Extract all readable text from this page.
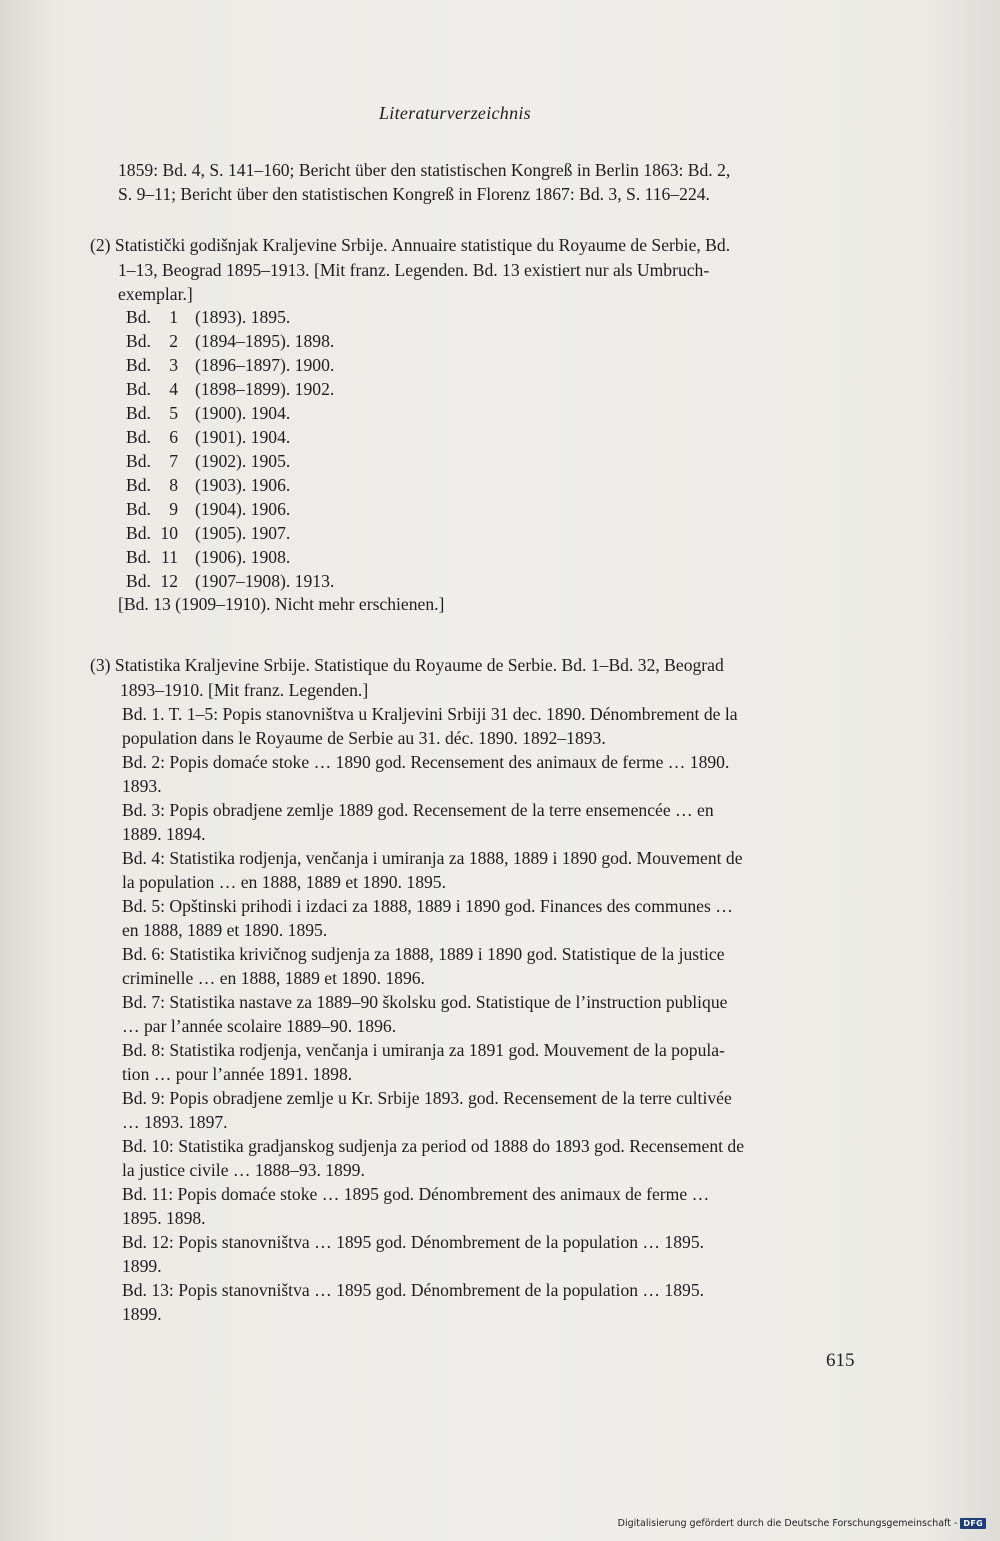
Literaturverzeichnis
1859: Bd. 4, S. 141–160; Bericht über den statistischen Kongreß in Berlin 1863: Bd. 2,
S. 9–11; Bericht über den statistischen Kongreß in Florenz 1867: Bd. 3, S. 116–224.
(2) Statistički godišnjak Kraljevine Srbije. Annuaire statistique du Royaume de Serbie, Bd.
1–13, Beograd 1895–1913. [Mit franz. Legenden. Bd. 13 existiert nur als Umbruch-
exemplar.]
Bd.	1 (1893). 1895.
Bd.	2 (1894–1895). 1898.
Bd.	3 (1896–1897). 1900.
Bd.	4 (1898–1899). 1902.
Bd.	5 (1900). 1904.
Bd.	6 (1901). 1904.
Bd.	7 (1902). 1905.
Bd.	8 (1903). 1906.
Bd.	9 (1904). 1906.
Bd. 10 (1905). 1907.
Bd. 11 (1906). 1908.
Bd. 12 (1907–1908). 1913.
[Bd. 13 (1909–1910). Nicht mehr erschienen.]
(3) Statistika Kraljevine Srbije. Statistique du Royaume de Serbie. Bd. 1–Bd. 32, Beograd
1893–1910. [Mit franz. Legenden.]
Bd. 1. T. 1–5: Popis stanovništva u Kraljevini Srbiji 31 dec. 1890. Dénombrement de la
population dans le Royaume de Serbie au 31. déc. 1890. 1892–1893.
Bd. 2: Popis domaće stoke … 1890 god. Recensement des animaux de ferme … 1890.
1893.
Bd. 3: Popis obradjene zemlje 1889 god. Recensement de la terre ensemencée … en
1889. 1894.
Bd. 4: Statistika rodjenja, venčanja i umiranja za 1888, 1889 i 1890 god. Mouvement de
la population … en 1888, 1889 et 1890. 1895.
Bd. 5: Opštinski prihodi i izdaci za 1888, 1889 i 1890 god. Finances des communes …
en 1888, 1889 et 1890. 1895.
Bd. 6: Statistika krivičnog sudjenja za 1888, 1889 i 1890 god. Statistique de la justice
criminelle … en 1888, 1889 et 1890. 1896.
Bd. 7: Statistika nastave za 1889–90 školsku god. Statistique de l’instruction publique
… par l’année scolaire 1889–90. 1896.
Bd. 8: Statistika rodjenja, venčanja i umiranja za 1891 god. Mouvement de la popula-
tion … pour l’année 1891. 1898.
Bd. 9: Popis obradjene zemlje u Kr. Srbije 1893. god. Recensement de la terre cultivée
… 1893. 1897.
Bd. 10: Statistika gradjanskog sudjenja za period od 1888 do 1893 god. Recensement de
la justice civile … 1888–93. 1899.
Bd. 11: Popis domaće stoke … 1895 god. Dénombrement des animaux de ferme …
1895. 1898.
Bd. 12: Popis stanovništva … 1895 god. Dénombrement de la population … 1895.
1899.
Bd. 13: Popis stanovništva … 1895 god. Dénombrement de la population … 1895.
1899.
615
Digitalisierung gefördert durch die Deutsche Forschungsgemeinschaft - DFG
